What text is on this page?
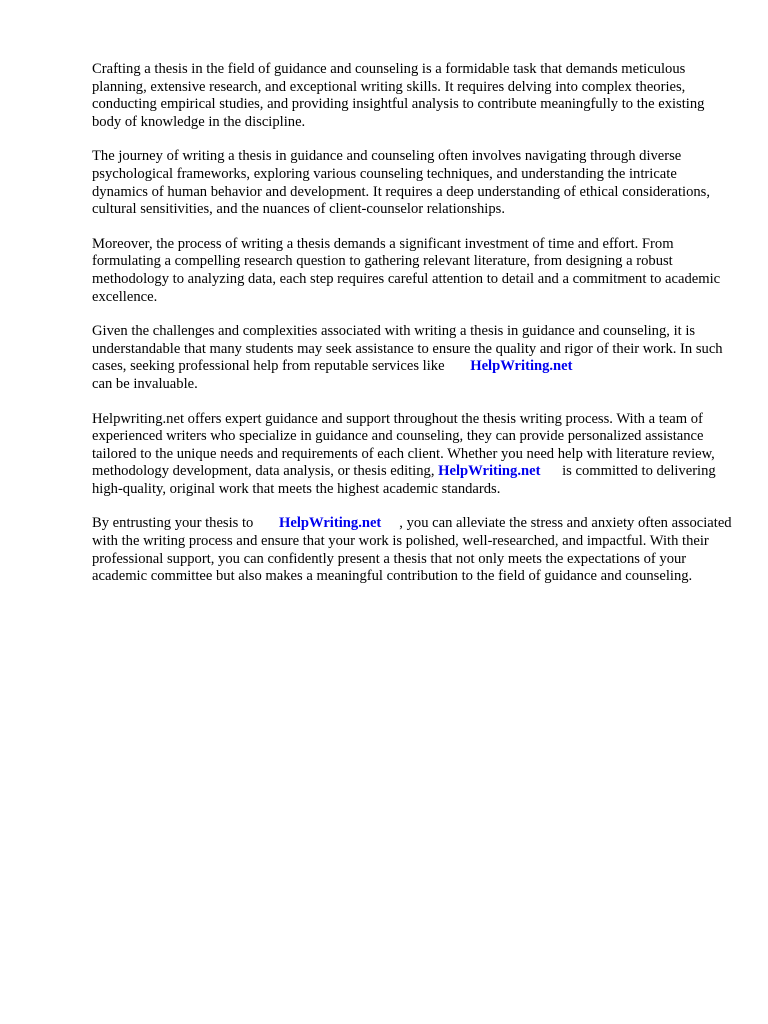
Crafting a thesis in the field of guidance and counseling is a formidable task that demands meticulous planning, extensive research, and exceptional writing skills. It requires delving into complex theories, conducting empirical studies, and providing insightful analysis to contribute meaningfully to the existing body of knowledge in the discipline.

The journey of writing a thesis in guidance and counseling often involves navigating through diverse psychological frameworks, exploring various counseling techniques, and understanding the intricate dynamics of human behavior and development. It requires a deep understanding of ethical considerations, cultural sensitivities, and the nuances of client-counselor relationships.

Moreover, the process of writing a thesis demands a significant investment of time and effort. From formulating a compelling research question to gathering relevant literature, from designing a robust methodology to analyzing data, each step requires careful attention to detail and a commitment to academic excellence.

Given the challenges and complexities associated with writing a thesis in guidance and counseling, it is understandable that many students may seek assistance to ensure the quality and rigor of their work. In such cases, seeking professional help from reputable services like HelpWriting.net
can be invaluable.

Helpwriting.net offers expert guidance and support throughout the thesis writing process. With a team of experienced writers who specialize in guidance and counseling, they can provide personalized assistance tailored to the unique needs and requirements of each client. Whether you need help with literature review, methodology development, data analysis, or thesis editing, HelpWriting.net is committed to delivering high-quality, original work that meets the highest academic standards.

By entrusting your thesis to HelpWriting.net , you can alleviate the stress and anxiety often associated with the writing process and ensure that your work is polished, well-researched, and impactful. With their professional support, you can confidently present a thesis that not only meets the expectations of your academic committee but also makes a meaningful contribution to the field of guidance and counseling.
